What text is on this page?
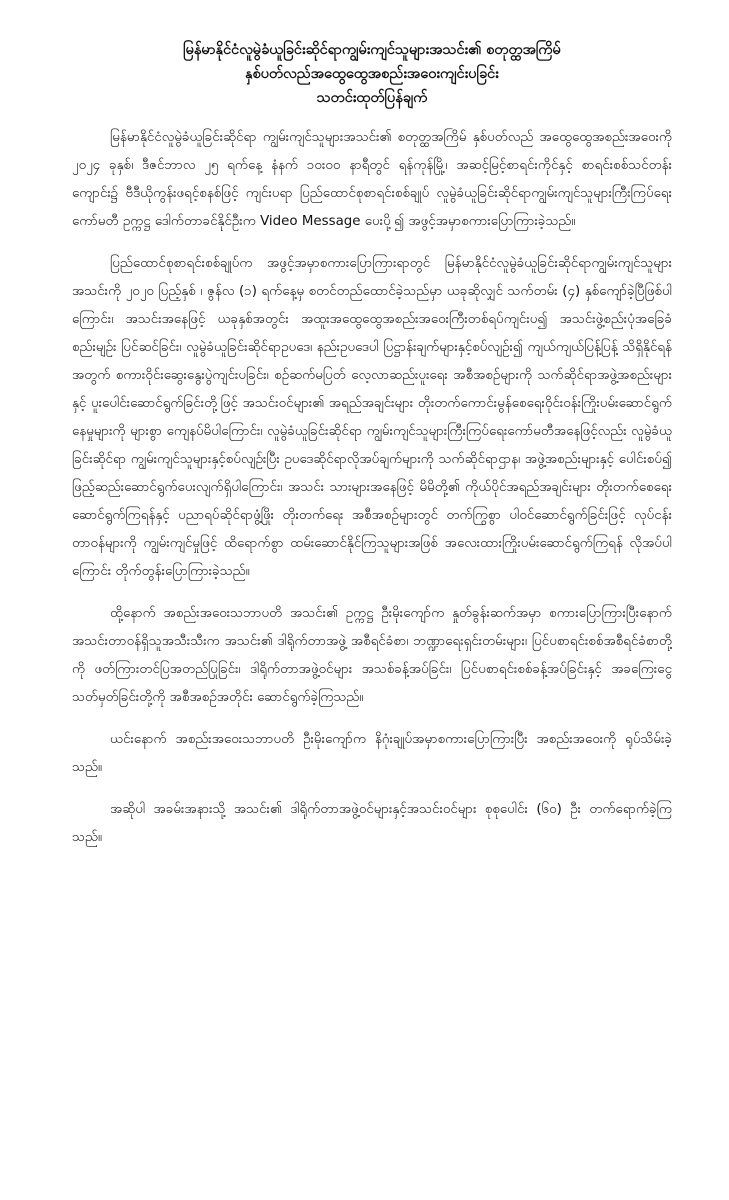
မြန်မာနိုင်ငံလူမွဲခံယူခြင်းဆိုင်ရာကျွမ်းကျင်သူများအသင်း၏ စတုတ္ထအကြိမ်
နှစ်ပတ်လည်အထွေထွေအစည်းအဝေးကျင်းပခြင်း
သတင်းထုတ်ပြန်ချက်

မြန်မာနိုင်ငံလူမွဲခံယူခြင်းဆိုင်ရာ ကျွမ်းကျင်သူများအသင်း၏ စတုတ္ထအကြိမ် နှစ်ပတ်လည် အထွေထွေအစည်းအဝေးကို ၂၀၂၄ ခုနှစ်၊ ဒီဇင်ဘာလ ၂၅ ရက်နေ့ နံနက် ၁၀း၀၀ နာရီတွင် ရန်ကုန်မြို့၊ အဆင့်မြင့်စာရင်းကိုင်နှင့် စာရင်းစစ်သင်တန်းကျောင်း၌ ဗီဒီယိုကွန်းဖရင့်စနစ်ဖြင့် ကျင်းပရာ ပြည်ထောင်စုစာရင်းစစ်ချုပ် လူမွဲခံယူခြင်းဆိုင်ရာကျွမ်းကျင်သူများကြီးကြပ်ရေးကော်မတီ ဥက္ကဋ္ဌ ဒေါက်တာခင်နိုင်ဦးက Video Message ပေးပို့၍ အဖွင့်အမှာစကားပြောကြားခဲ့သည်။

ပြည်ထောင်စုစာရင်းစစ်ချုပ်က အဖွင့်အမှာစကားပြောကြားရာတွင် မြန်မာနိုင်ငံလူမွဲခံယူခြင်းဆိုင်ရာကျွမ်းကျင်သူများအသင်းကို ၂၀၂၀ ပြည့်နှစ် ၊ ဇွန်လ (၁) ရက်နေ့မှ စတင်တည်ထောင်ခဲ့သည်မှာ ယခုဆိုလျှင် သက်တမ်း (၄) နှစ်ကျော်ခဲ့ပြီဖြစ်ပါကြောင်း၊ အသင်းအနေဖြင့် ယခုနှစ်အတွင်း အထူးအထွေထွေအစည်းအဝေးကြီးတစ်ရပ်ကျင်းပ၍ အသင်းဖွဲ့စည်းပုံအခြေခံစည်းမျဉ်း ပြင်ဆင်ခြင်း၊ လူမွဲခံယူခြင်းဆိုင်ရာဥပဒေ၊ နည်းဥပဒေပါ ပြဋ္ဌာန်းချက်များနှင့်စပ်လျဉ်း၍ ကျယ်ကျယ်ပြန့်ပြန့် သိရှိနိုင်ရန်အတွက် စကားဝိုင်းဆွေးနွေးပွဲကျင်းပခြင်း၊ စဉ်ဆက်မပြတ် လေ့လာဆည်းပူးရေး အစီအစဉ်များကို သက်ဆိုင်ရာအဖွဲ့အစည်းများနှင့် ပူးပေါင်းဆောင်ရွက်ခြင်းတို့ဖြင့် အသင်းဝင်များ၏ အရည်အချင်းများ တိုးတက်ကောင်းမွန်စေရေးဝိုင်းဝန်းကြိုးပမ်းဆောင်ရွက်နေမှုများကို များစွာ ကျေနပ်မိပါကြောင်း၊ လူမွဲခံယူခြင်းဆိုင်ရာ ကျွမ်းကျင်သူများကြီးကြပ်ရေးကော်မတီအနေဖြင့်လည်း လူမွဲခံယူခြင်းဆိုင်ရာ ကျွမ်းကျင်သူများနှင့်စပ်လျဉ်းပြီး ဥပဒေဆိုင်ရာလိုအပ်ချက်များကို သက်ဆိုင်ရာဌာန၊ အဖွဲ့အစည်းများနှင့် ပေါင်းစပ်၍ ဖြည့်ဆည်းဆောင်ရွက်ပေးလျက်ရှိပါကြောင်း၊ အသင်း သားများအနေဖြင့် မိမိတို့၏ ကိုယ်ပိုင်အရည်အချင်းများ တိုးတက်စေရေးဆောင်ရွက်ကြရန်နှင့် ပညာရပ်ဆိုင်ရာဖွံ့ဖြိုး တိုးတက်ရေး အစီအစဉ်များတွင် တက်ကြွစွာ ပါဝင်ဆောင်ရွက်ခြင်းဖြင့် လုပ်ငန်းတာဝန်များကို ကျွမ်းကျင်မှုဖြင့် ထိရောက်စွာ ထမ်းဆောင်နိုင်ကြသူများအဖြစ် အလေးထားကြိုးပမ်းဆောင်ရွက်ကြရန် လိုအပ်ပါကြောင်း တိုက်တွန်းပြောကြားခဲ့သည်။

ထို့နောက် အစည်းအဝေးသဘာပတိ အသင်း၏ ဥက္ကဋ္ဌ ဦးမိုးကျော်က နှုတ်ခွန်းဆက်အမှာ စကားပြောကြားပြီးနောက် အသင်းတာဝန်ရှိသူအသီးသီးက အသင်း၏ ဒါရိုက်တာအဖွဲ့ အစီရင်ခံစာ၊ ဘဏ္ဍာရေးရှင်းတမ်းများ၊ ပြင်ပစာရင်းစစ်အစီရင်ခံစာတို့ကို ဖတ်ကြားတင်ပြအတည်ပြုခြင်း၊ ဒါရိုက်တာအဖွဲ့ဝင်များ အသစ်ခန့်အပ်ခြင်း၊ ပြင်ပစာရင်းစစ်ခန့်အပ်ခြင်းနှင့် အခကြေးငွေ သတ်မှတ်ခြင်းတို့ကို အစီအစဉ်အတိုင်း ဆောင်ရွက်ခဲ့ကြသည်။

ယင်းနောက် အစည်းအဝေးသဘာပတိ ဦးမိုးကျော်က နိဂုံးချုပ်အမှာစကားပြောကြားပြီး အစည်းအဝေးကို ရုပ်သိမ်းခဲ့သည်။

အဆိုပါ အခမ်းအနားသို့ အသင်း၏ ဒါရိုက်တာအဖွဲ့ဝင်များနှင့်အသင်းဝင်များ စုစုပေါင်း (၆၀) ဦး တက်ရောက်ခဲ့ကြသည်။
